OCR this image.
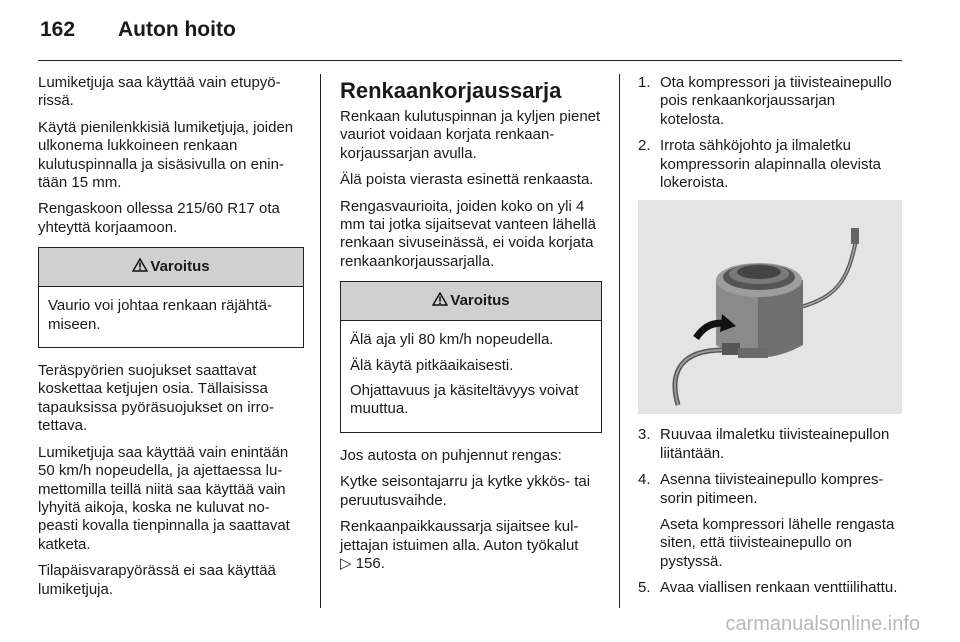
162 Auton hoito

Lumiketjuja saa käyttää vain etupyörissä.

Käytä pienilenkkisiä lumiketjuja, joiden ulkonema lukkoineen renkaan kulutuspinnalla ja sisäsivulla on enintään 15 mm.

Rengaskoon ollessa 215/60 R17 ota yhteyttä korjaamoon.

Varoitus

Vaurio voi johtaa renkaan räjähtämiseen.

Teräspyörien suojukset saattavat koskettaa ketjujen osia. Tällaisissa tapauksissa pyöräsuojukset on irrotettava.

Lumiketjuja saa käyttää vain enintään 50 km/h nopeudella, ja ajettaessa lumettomilla teillä niitä saa käyttää vain lyhyitä aikoja, koska ne kuluvat nopeasti kovalla tienpinnalla ja saattavat katketa.

Tilapäisvarapyörässä ei saa käyttää lumiketjuja.

Renkaankorjaussarja

Renkaan kulutuspinnan ja kyljen pienet vauriot voidaan korjata renkaankorjaussarjan avulla.

Älä poista vierasta esinettä renkaasta.

Rengasvaurioita, joiden koko on yli 4 mm tai jotka sijaitsevat vanteen lähellä renkaan sivuseinässä, ei voida korjata renkaankorjaussarjalla.

Varoitus

Älä aja yli 80 km/h nopeudella.

Älä käytä pitkäaikaisesti.

Ohjattavuus ja käsiteltävyys voivat muuttua.

Jos autosta on puhjennut rengas:

Kytke seisontajarru ja kytke ykkös- tai peruutusvaihde.

Renkaanpaikkaussarja sijaitsee kuljettajan istuimen alla. Auton työkalut
▷ 156.

1. Ota kompressori ja tiivisteainepullo pois renkaankorjaussarjan kotelosta.
2. Irrota sähköjohto ja ilmaletku kompressorin alapinnalla olevista lokeroista.
3. Ruuvaa ilmaletku tiivisteainepullon liitäntään.
4. Asenna tiivisteainepullo kompressorin pitimeen.

Aseta kompressori lähelle rengasta siten, että tiivisteainepullo on pystyssä.

5. Avaa viallisen renkaan venttiilihattu.
carmanualsonline.info
